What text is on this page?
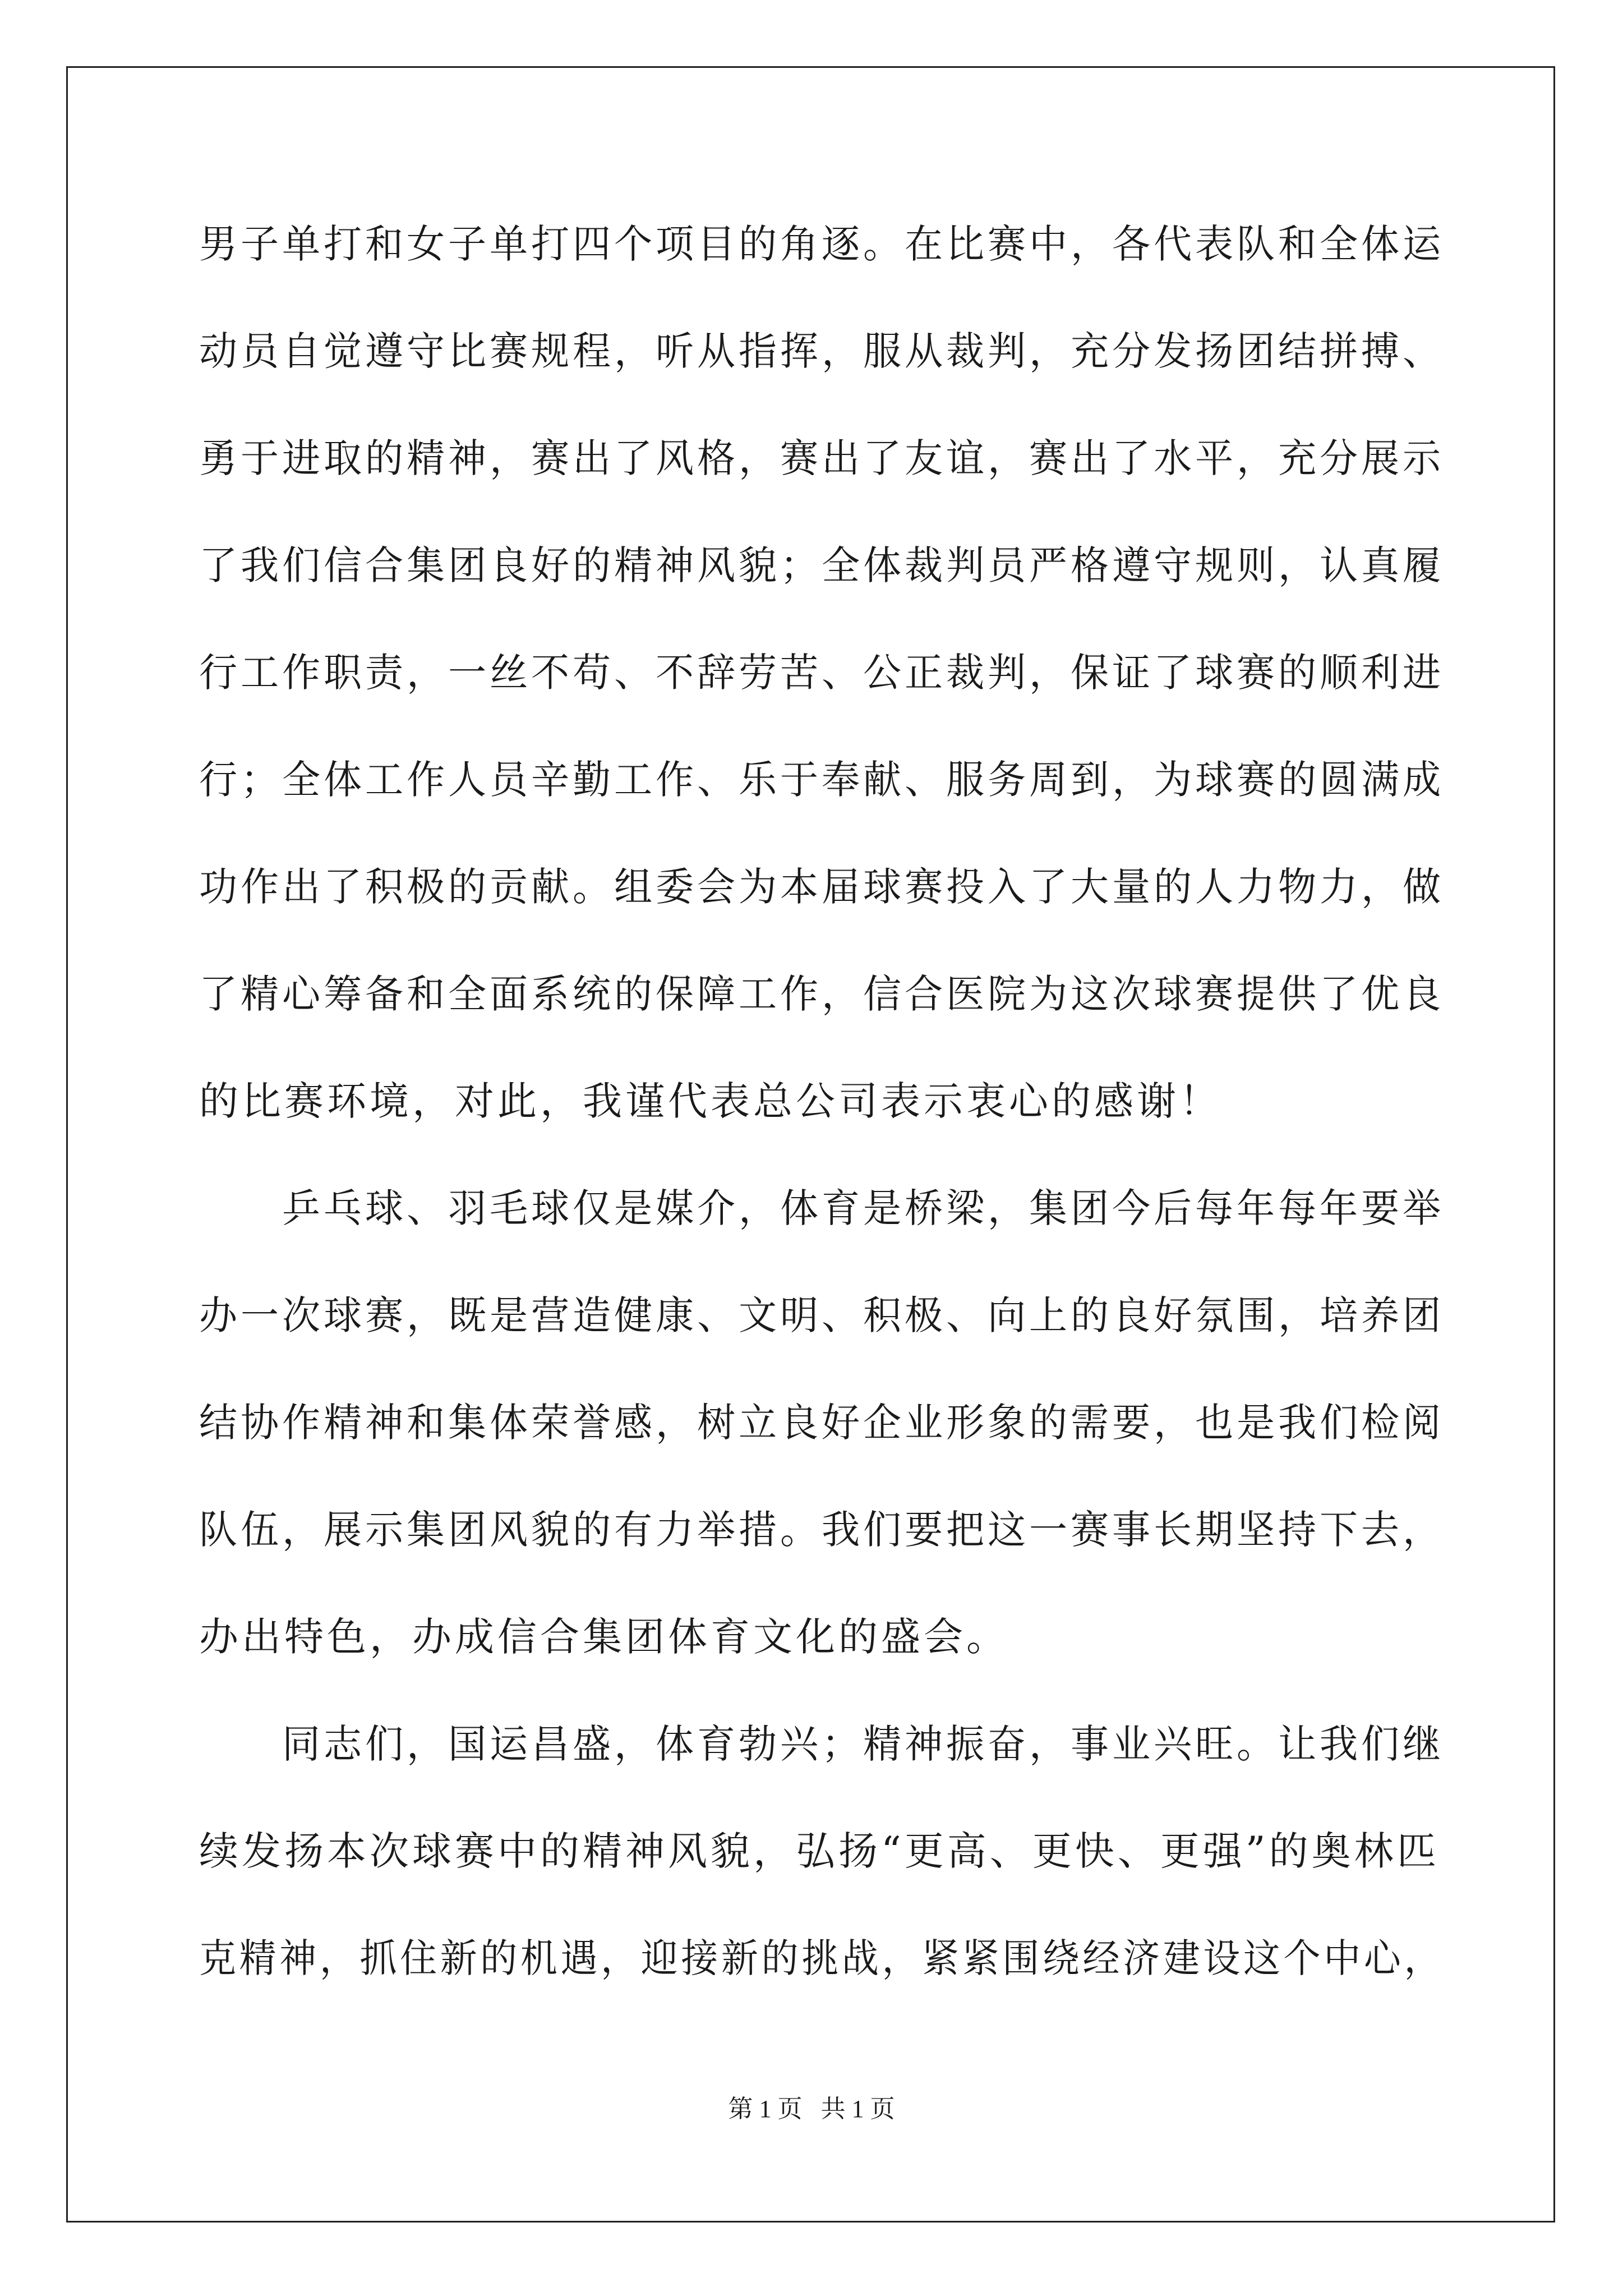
男子单打和女子单打四个项目的角逐。在比赛中，各代表队和全体运
动员自觉遵守比赛规程，听从指挥，服从裁判，充分发扬团结拼搏、
勇于进取的精神，赛出了风格，赛出了友谊，赛出了水平，充分展示
了我们信合集团良好的精神风貌；全体裁判员严格遵守规则，认真履
行工作职责，一丝不苟、不辞劳苦、公正裁判，保证了球赛的顺利进
行；全体工作人员辛勤工作、乐于奉献、服务周到，为球赛的圆满成
功作出了积极的贡献。组委会为本届球赛投入了大量的人力物力，做
了精心筹备和全面系统的保障工作，信合医院为这次球赛提供了优良
的比赛环境，对此，我谨代表总公司表示衷心的感谢！
乒乓球、羽毛球仅是媒介，体育是桥梁，集团今后每年每年要举
办一次球赛，既是营造健康、文明、积极、向上的良好氛围，培养团
结协作精神和集体荣誉感，树立良好企业形象的需要，也是我们检阅
队伍，展示集团风貌的有力举措。我们要把这一赛事长期坚持下去，
办出特色，办成信合集团体育文化的盛会。
同志们，国运昌盛，体育勃兴；精神振奋，事业兴旺。让我们继
续发扬本次球赛中的精神风貌，弘扬“更高、更快、更强”的奥林匹
克精神，抓住新的机遇，迎接新的挑战，紧紧围绕经济建设这个中心，
第 1 页   共 1 页
